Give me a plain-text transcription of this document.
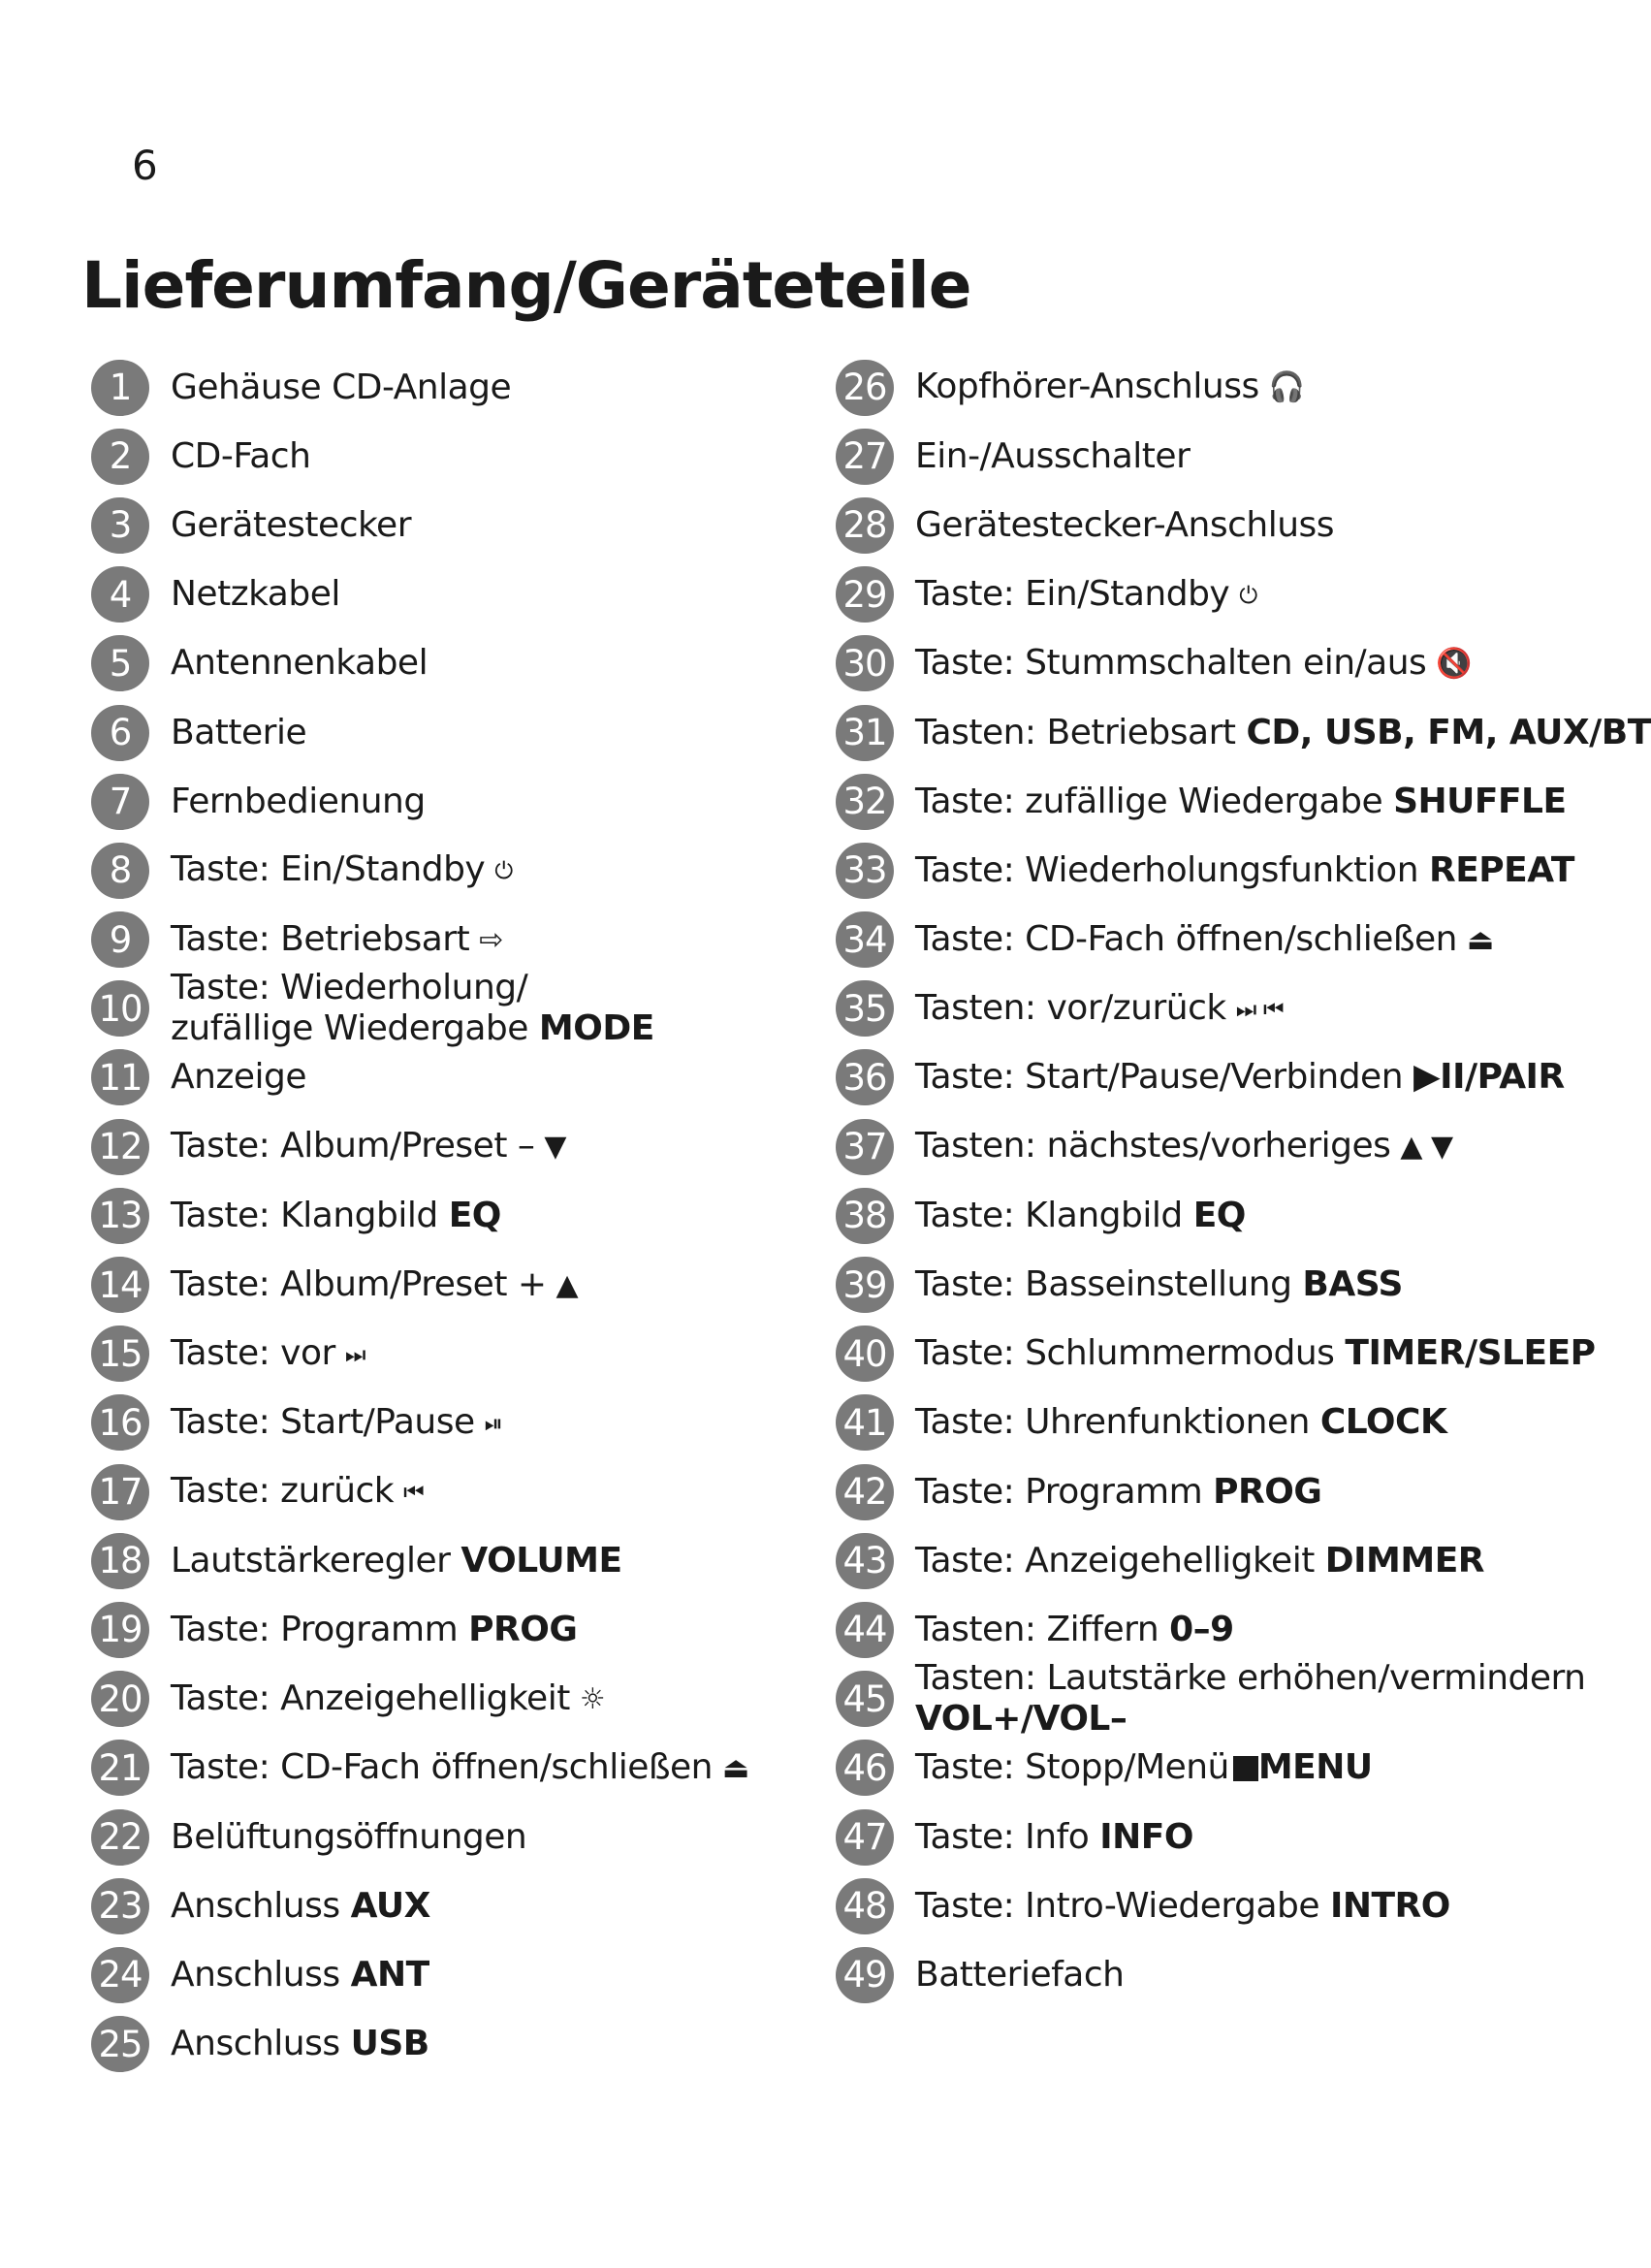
6
Lieferumfang/Geräteteile
1	Gehäuse CD-Anlage
2	CD-Fach
3	Gerätestecker
4	Netzkabel
5	Antennenkabel
6	Batterie
7	Fernbedienung
8	Taste: Ein/Standby ⏻
9	Taste: Betriebsart ⇨
10 Taste: Wiederholung/
zufällige Wiedergabe MODE
11 Anzeige
12 Taste: Album/Preset – ▼
13 Taste: Klangbild EQ
14 Taste: Album/Preset + ▲
15 Taste: vor ⏭
16 Taste: Start/Pause ⏯
17 Taste: zurück ⏮
18 Lautstärkeregler VOLUME
19 Taste: Programm PROG
20 Taste: Anzeigehelligkeit ☼
21 Taste: CD-Fach öffnen/schließen ⏏
22 Belüftungsöffnungen
23 Anschluss AUX
24 Anschluss ANT
25 Anschluss USB
26 Kopfhörer-Anschluss 🎧
27 Ein-/Ausschalter
28 Gerätestecker-Anschluss
29 Taste: Ein/Standby ⏻
30 Taste: Stummschalten ein/aus 🔇
31 Tasten: Betriebsart CD, USB, FM, AUX/BT
32 Taste: zufällige Wiedergabe SHUFFLE
33 Taste: Wiederholungsfunktion REPEAT
34 Taste: CD-Fach öffnen/schließen ⏏
35 Tasten: vor/zurück ⏭ ⏮
36 Taste: Start/Pause/Verbinden ▶II/PAIR
37 Tasten: nächstes/vorheriges ▲ ▼
38 Taste: Klangbild EQ
39 Taste: Basseinstellung BASS
40 Taste: Schlummermodus TIMER/SLEEP
41 Taste: Uhrenfunktionen CLOCK
42 Taste: Programm PROG
43 Taste: Anzeigehelligkeit DIMMER
44 Tasten: Ziffern 0–9
45 Tasten: Lautstärke erhöhen/vermindern
VOL+/VOL–
46 Taste: Stopp/Menü MENU
47 Taste: Info INFO
48 Taste: Intro-Wiedergabe INTRO
49 Batteriefach
